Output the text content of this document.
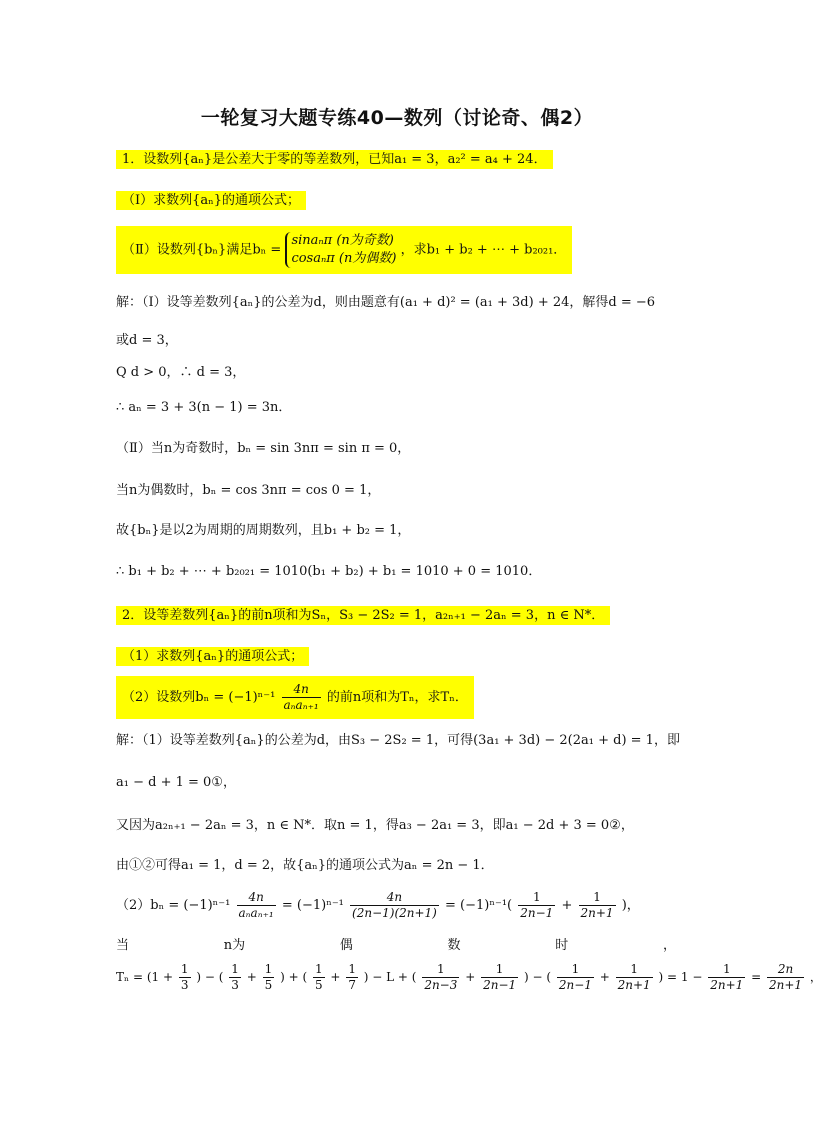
一轮复习大题专练40—数列（讨论奇、偶2）
1．设数列{aₙ}是公差大于零的等差数列，已知a₁ = 3，a₂² = a₄ + 24．
（Ⅰ）求数列{aₙ}的通项公式；
（Ⅱ）设数列{bₙ}满足bₙ =
sinaₙπ (n为奇数)
cosaₙπ (n为偶数)
，求b₁ + b₂ + ⋯ + b₂₀₂₁．
解：（Ⅰ）设等差数列{aₙ}的公差为d，则由题意有(a₁ + d)² = (a₁ + 3d) + 24，解得d = −6
或d = 3，
Q d > 0，∴ d = 3，
∴ aₙ = 3 + 3(n − 1) = 3n．
（Ⅱ）当n为奇数时，bₙ = sin 3nπ = sin π = 0，
当n为偶数时，bₙ = cos 3nπ = cos 0 = 1，
故{bₙ}是以2为周期的周期数列，且b₁ + b₂ = 1，
∴ b₁ + b₂ + ⋯ + b₂₀₂₁ = 1010(b₁ + b₂) + b₁ = 1010 + 0 = 1010．
2．设等差数列{aₙ}的前n项和为Sₙ，S₃ − 2S₂ = 1，a₂ₙ₊₁ − 2aₙ = 3，n ∈ N*．
（1）求数列{aₙ}的通项公式；
（2）设数列$b_n = (-1)^{n-1} \frac{4n}{\text{aₙaₙ₊₁}}$ 的前n项和为Tₙ，求Tₙ．
解：（1）设等差数列{aₙ}的公差为d，由S₃ − 2S₂ = 1，可得(3a₁ + 3d) − 2(2a₁ + d) = 1，即
a₁ − d + 1 = 0①，
又因为a₂ₙ₊₁ − 2aₙ = 3，n ∈ N*．取n = 1，得a₃ − 2a₁ = 3，即a₁ − 2d + 3 = 0②，
由①②可得a₁ = 1，d = 2，故{aₙ}的通项公式为aₙ = 2n − 1．
$(2)b_n = (-1)^{n-1} \frac{4n}{\text{aₙaₙ₊₁}} = (-1)^{n-1} \frac{4n}{(2n-1)(2n+1)} = (-1)^{n-1}( \frac{1}{2n-1} + \frac{1}{2n+1}$ )，
当	n为	偶	数	时	，
$T_n = (1 + \frac{1}{3}$ ) − ( $\frac{1}{3} + \frac{1}{5}$ ) + ( $\frac{1}{5} + \frac{1}{7}$ ) − L + ( $\frac{1}{2n-3} + \frac{1}{2n-1}$ ) − ( $\frac{1}{2n-1} + \frac{1}{2n+1}$ ) = $1 - \frac{1}{2n+1} = \frac{2n}{2n+1}$ ，
